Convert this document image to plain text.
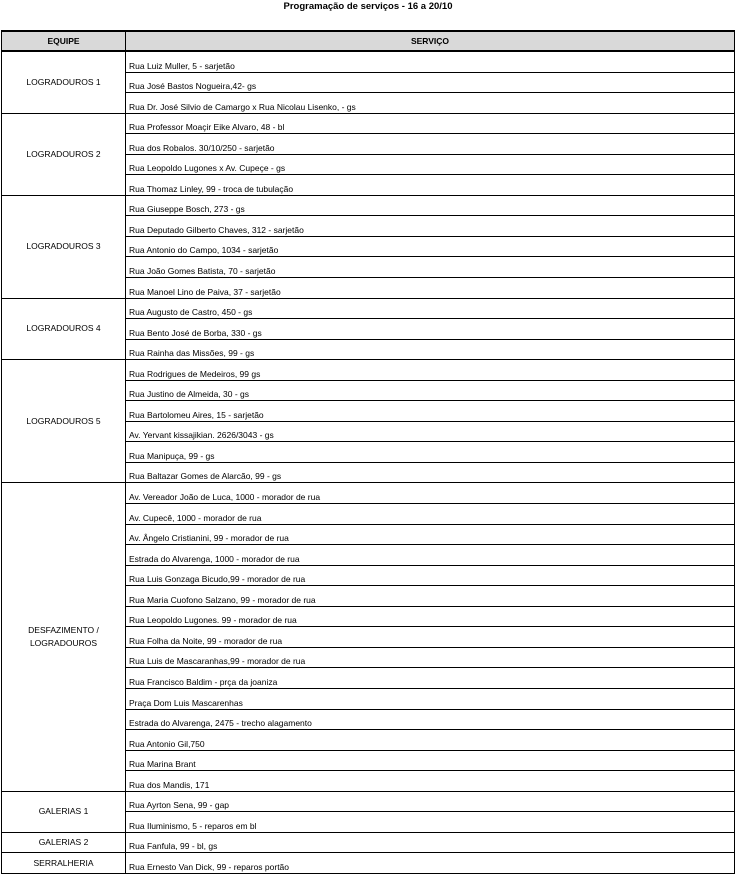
Programação de serviços - 16 a 20/10
EQUIPE	SERVIÇO
LOGRADOUROS 1	Rua Luiz Muller, 5 - sarjetão
	Rua José Bastos Nogueira,42- gs
	Rua Dr. José Silvio de Camargo x Rua Nicolau Lisenko, - gs
LOGRADOUROS 2	Rua Professor Moaçir Eike Alvaro, 48 - bl
	Rua dos Robalos. 30/10/250 - sarjetão
	Rua Leopoldo Lugones x Av. Cupeçe - gs
	Rua Thomaz Linley, 99 - troca de tubulação
LOGRADOUROS 3	Rua Giuseppe Bosch, 273 - gs
	Rua Deputado Gilberto Chaves, 312 - sarjetão
	Rua Antonio do Campo, 1034 - sarjetão
	Rua João Gomes Batista, 70 - sarjetão
	Rua Manoel Lino de Paiva, 37 - sarjetão
LOGRADOUROS 4	Rua Augusto de Castro, 450 - gs
	Rua Bento José de Borba, 330 - gs
	Rua Rainha das Missões, 99 - gs
LOGRADOUROS 5	Rua Rodrigues de Medeiros, 99 gs
	Rua Justino de Almeida, 30 - gs
	Rua Bartolomeu Aires, 15 - sarjetão
	Av. Yervant kissajikian. 2626/3043 - gs
	Rua Manipuça, 99 - gs
	Rua Baltazar Gomes de Alarcão, 99 - gs
DESFAZIMENTO / LOGRADOUROS	Av. Vereador João de Luca, 1000 - morador de rua
	Av. Cupecê, 1000 - morador de rua
	Av. Ângelo Cristianini, 99 - morador de rua
	Estrada do Alvarenga, 1000 - morador de rua
	Rua Luis Gonzaga Bicudo,99 - morador de rua
	Rua Maria Cuofono Salzano, 99 - morador de rua
	Rua Leopoldo Lugones. 99 - morador de rua
	Rua Folha da Noite, 99 - morador de rua
	Rua Luis de Mascaranhas,99 - morador de rua
	Rua Francisco Baldim - prça da joaniza
	Praça Dom Luis Mascarenhas
	Estrada do Alvarenga, 2475 - trecho alagamento
	Rua Antonio Gil,750
	Rua Marina Brant
	Rua dos Mandis, 171
GALERIAS 1	Rua Ayrton Sena, 99 - gap
	Rua Iluminismo, 5 - reparos em bl
GALERIAS 2	Rua Fanfula, 99 - bl, gs
SERRALHERIA	Rua Ernesto Van Dick, 99 - reparos portão
